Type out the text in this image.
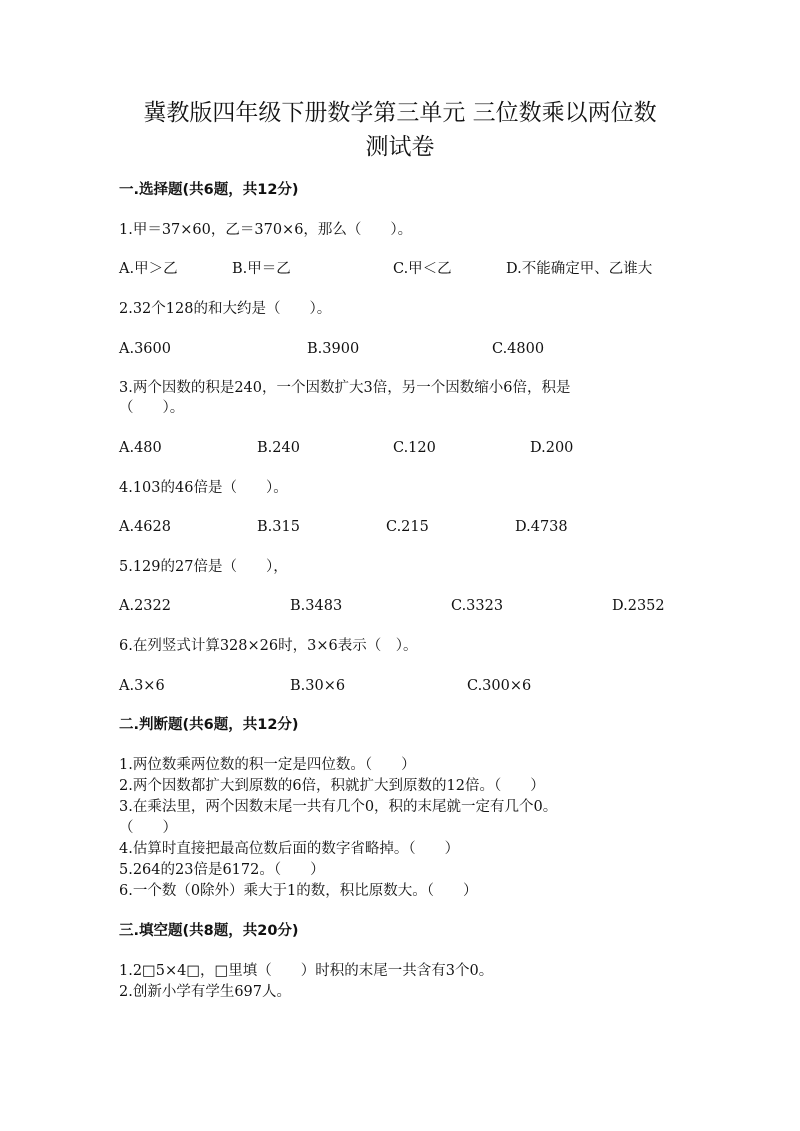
冀教版四年级下册数学第三单元 三位数乘以两位数
测试卷
一.选择题(共6题，共12分)
1.甲＝37×60，乙＝370×6，那么（　　）。
A.甲＞乙	B.甲＝乙	C.甲＜乙	D.不能确定甲、乙谁大
2.32个128的和大约是（　　）。
A.3600	B.3900	C.4800
3.两个因数的积是240，一个因数扩大3倍，另一个因数缩小6倍，积是
（　　）。
A.480	B.240	C.120	D.200
4.103的46倍是（　　）。
A.4628	B.315	C.215	D.4738
5.129的27倍是（　　），
A.2322	B.3483	C.3323	D.2352
6.在列竖式计算328×26时，3×6表示（　）。
A.3×6	B.30×6	C.300×6
二.判断题(共6题，共12分)
1.两位数乘两位数的积一定是四位数。（　　）
2.两个因数都扩大到原数的6倍，积就扩大到原数的12倍。（　　）
3.在乘法里，两个因数末尾一共有几个0，积的末尾就一定有几个0。
（　　）
4.估算时直接把最高位数后面的数字省略掉。（　　）
5.264的23倍是6172。（　　）
6.一个数（0除外）乘大于1的数，积比原数大。（　　）
三.填空题(共8题，共20分)
1.2□5×4□，□里填（　　）时积的末尾一共含有3个0。
2.创新小学有学生697人。
